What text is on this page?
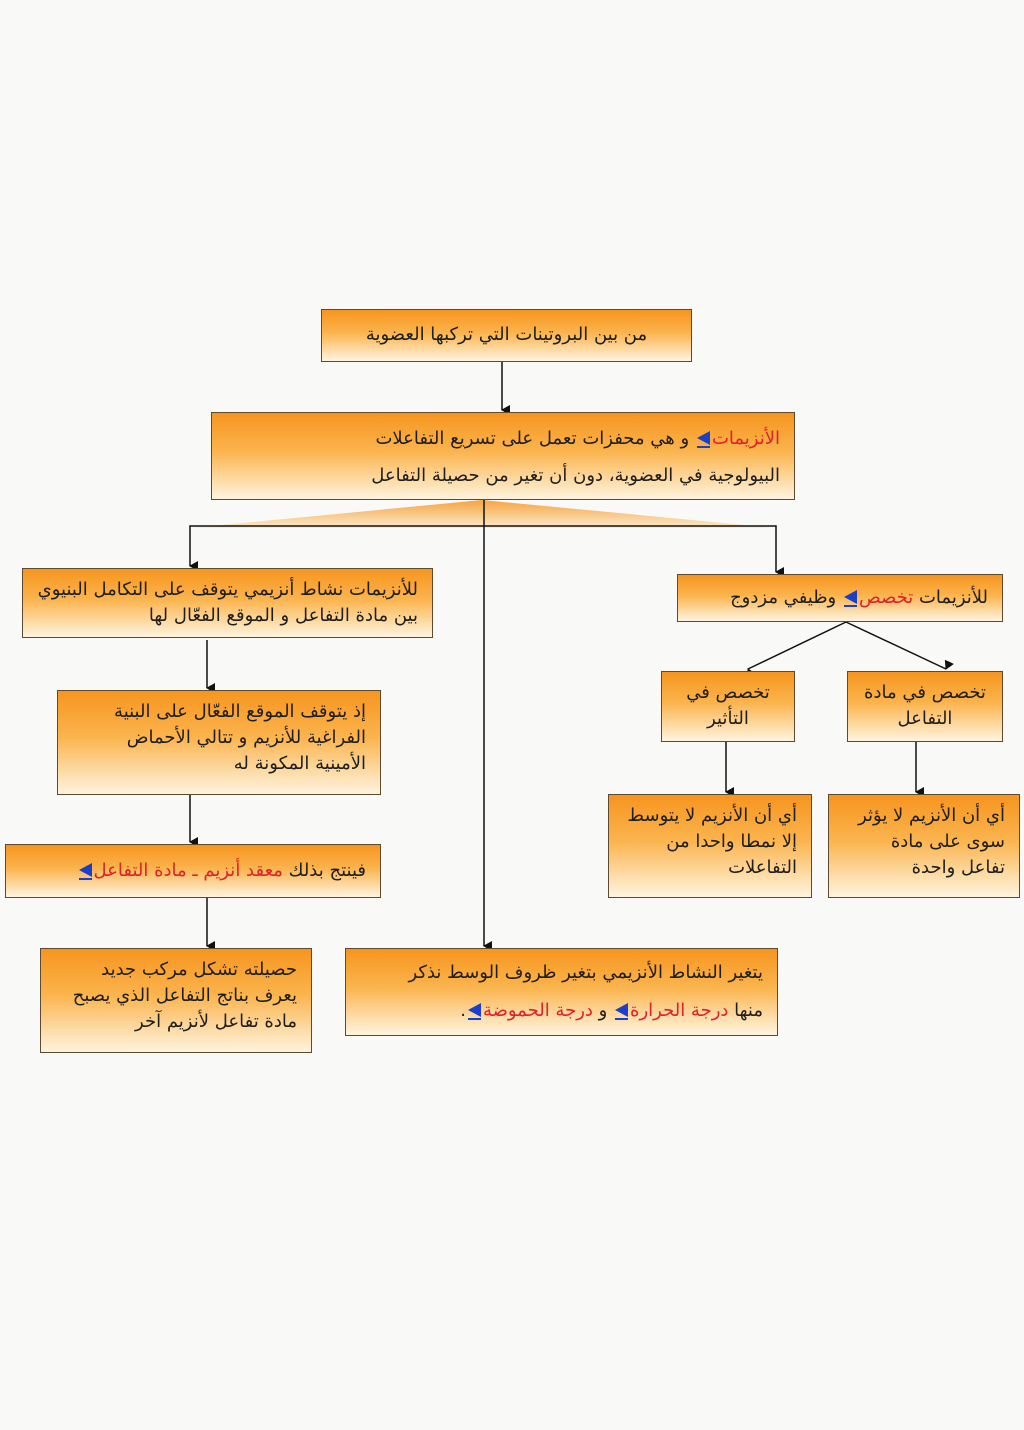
من بين البروتينات التي تركبها العضوية

الأنزيمات و هي محفزات تعمل على تسريع التفاعلات

البيولوجية في العضوية، دون أن تغير من حصيلة التفاعل

للأنزيمات نشاط أنزيمي يتوقف على التكامل البنيوي بين مادة التفاعل و الموقع الفعّال لها
إذ يتوقف الموقع الفعّال على البنية الفراغية للأنزيم و تتالي الأحماض الأمينية المكونة له
فينتج بذلك معقد أنزيم ـ مادة التفاعل
حصيلته تشكل مركب جديد يعرف بناتج التفاعل الذي يصبح مادة تفاعل لأنزيم آخر

يتغير النشاط الأنزيمي بتغير ظروف الوسط نذكر

منها درجة الحرارة و درجة الحموضة.

للأنزيمات تخصص وظيفي مزدوج
تخصص في التأثير
تخصص في مادة التفاعل
أي أن الأنزيم لا يتوسط إلا نمطا واحدا من التفاعلات
أي أن الأنزيم لا يؤثر سوى على مادة تفاعل واحدة
